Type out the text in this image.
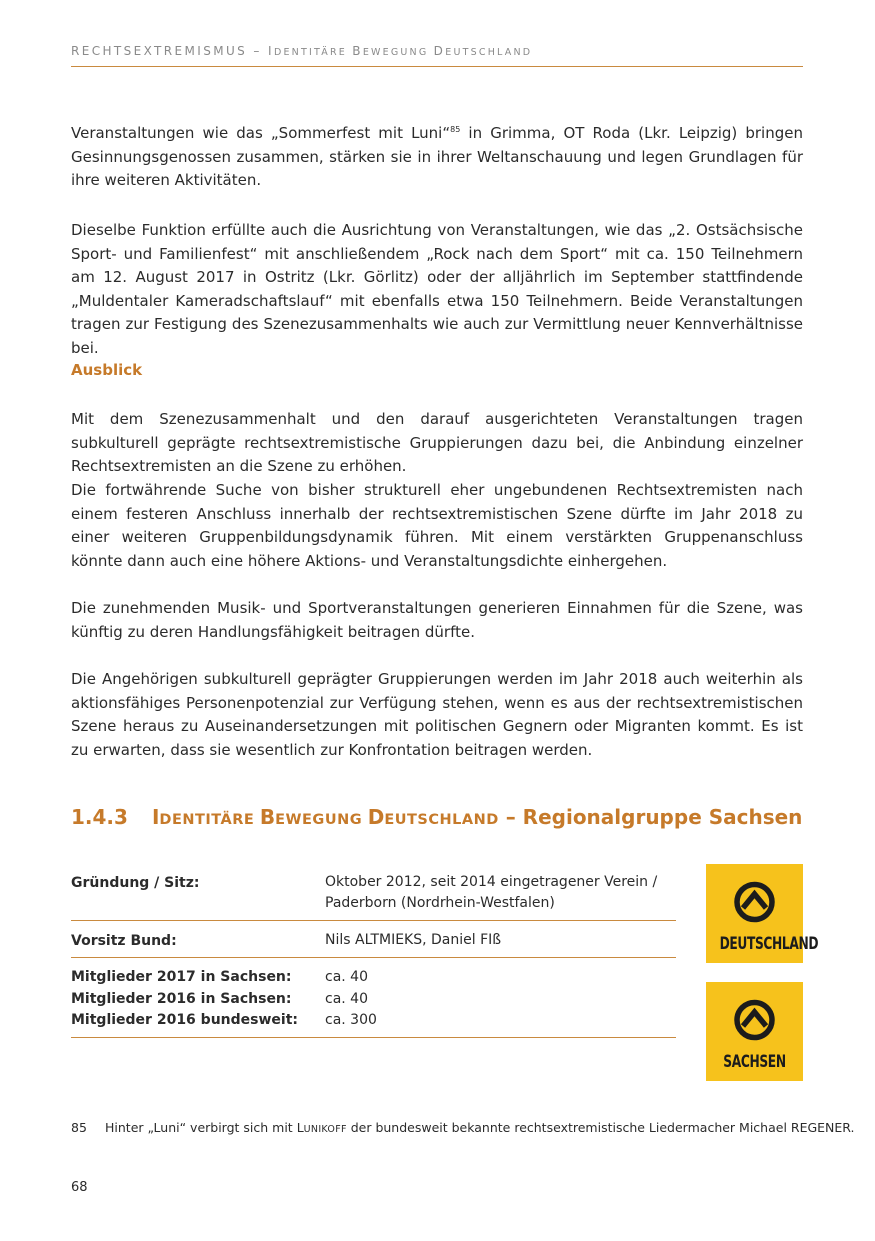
RECHTSEXTREMISMUS – IDENTITÄRE BEWEGUNG DEUTSCHLAND

Veranstaltungen wie das „Sommerfest mit Luni“$^{85}$ in Grimma, OT Roda (Lkr. Leipzig) bringen Gesinnungsgenossen zusammen, stärken sie in ihrer Weltanschauung und legen Grundlagen für ihre weiteren Aktivitäten.

Dieselbe Funktion erfüllte auch die Ausrichtung von Veranstaltungen, wie das „2. Ostsächsische Sport- und Familienfest“ mit anschließendem „Rock nach dem Sport“ mit ca. 150 Teilnehmern am 12. August 2017 in Ostritz (Lkr. Görlitz) oder der alljährlich im September stattfindende „Muldentaler Kameradschaftslauf“ mit ebenfalls etwa 150 Teilnehmern. Beide Veranstaltungen tragen zur Festigung des Szenezusammenhalts wie auch zur Vermittlung neuer Kennverhältnisse bei.

Ausblick

Mit dem Szenezusammenhalt und den darauf ausgerichteten Veranstaltungen tragen subkulturell geprägte rechtsextremistische Gruppierungen dazu bei, die Anbindung einzelner Rechtsextremisten an die Szene zu erhöhen.

Die fortwährende Suche von bisher strukturell eher ungebundenen Rechtsextremisten nach einem festeren Anschluss innerhalb der rechtsextremistischen Szene dürfte im Jahr 2018 zu einer weiteren Gruppenbildungsdynamik führen. Mit einem verstärkten Gruppenanschluss könnte dann auch eine höhere Aktions- und Veranstaltungsdichte einhergehen.

Die zunehmenden Musik- und Sportveranstaltungen generieren Einnahmen für die Szene, was künftig zu deren Handlungsfähigkeit beitragen dürfte.

Die Angehörigen subkulturell geprägter Gruppierungen werden im Jahr 2018 auch weiterhin als aktionsfähiges Personenpotenzial zur Verfügung stehen, wenn es aus der rechtsextremistischen Szene heraus zu Auseinandersetzungen mit politischen Gegnern oder Migranten kommt. Es ist zu erwarten, dass sie wesentlich zur Konfrontation beitragen werden.

1.4.3 IDENTITÄRE BEWEGUNG DEUTSCHLAND – Regionalgruppe Sachsen
Gründung / Sitz:	Oktober 2012, seit 2014 eingetragener Verein /
Paderborn (Nordrhein-Westfalen)
Vorsitz Bund:	Nils ALTMIEKS, Daniel FIß
Mitglieder 2017 in Sachsen: ca. 40
Mitglieder 2016 in Sachsen: ca. 40
Mitglieder 2016 bundesweit: ca. 300
DEUTSCHLAND
SACHSEN
85 Hinter „Luni“ verbirgt sich mit LUNIKOFF der bundesweit bekannte rechtsextremistische Liedermacher Michael REGENER.
68
